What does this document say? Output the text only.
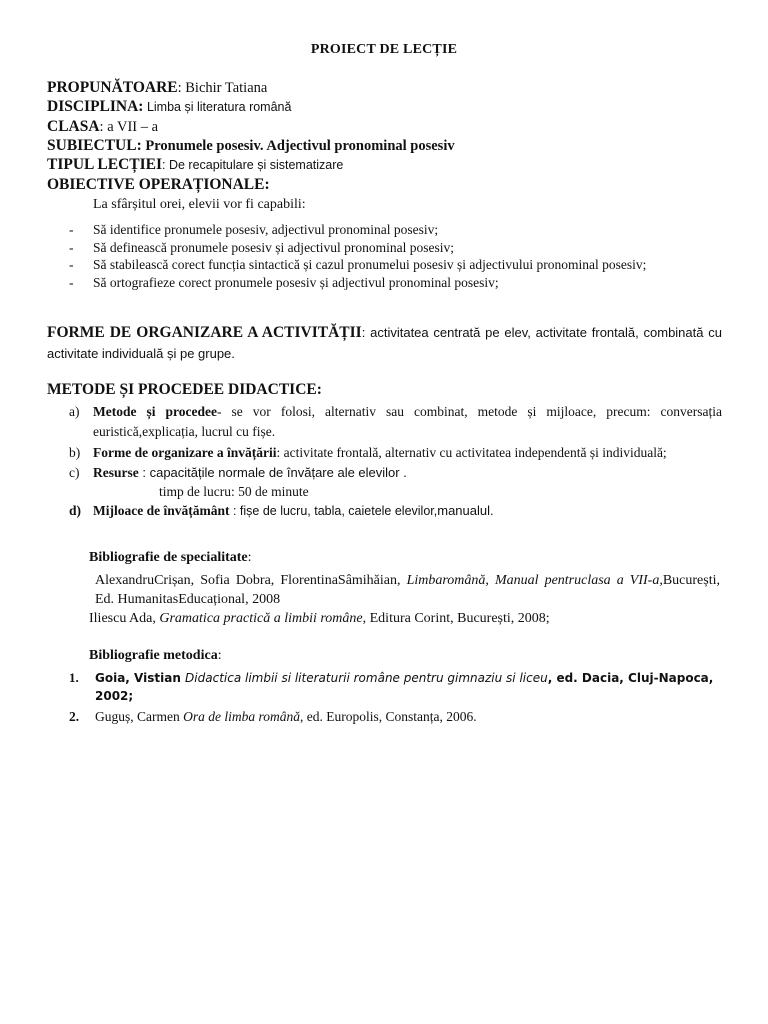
PROIECT DE LECȚIE
PROPUNĂTOARE: Bichir Tatiana
DISCIPLINA: Limba și literatura română
CLASA: a VII – a
SUBIECTUL: Pronumele posesiv. Adjectivul pronominal posesiv
TIPUL LECȚIEI: De recapitulare și sistematizare
OBIECTIVE OPERAȚIONALE:
La sfârșitul orei, elevii vor fi capabili:
- Să identifice pronumele posesiv, adjectivul pronominal posesiv;
- Să definească pronumele posesiv și adjectivul pronominal posesiv;
- Să stabilească corect funcția sintactică și cazul pronumelui posesiv și adjectivului pronominal posesiv;
- Să ortografieze corect pronumele posesiv și adjectivul pronominal posesiv;
FORME DE ORGANIZARE A ACTIVITĂȚII: activitatea centrată pe elev, activitate frontală, combinată cu activitate individuală și pe grupe.
METODE ȘI PROCEDEE DIDACTICE:
a) Metode și procedee- se vor folosi, alternativ sau combinat, metode și mijloace, precum: conversația euristică,explicația, lucrul cu fișe.
b) Forme de organizare a învățării: activitate frontală, alternativ cu activitatea independentă și individuală;
c) Resurse : capacitățile normale de învățare ale elevilor .
timp de lucru: 50 de minute
d) Mijloace de învățământ : fișe de lucru, tabla, caietele elevilor,manualul.
Bibliografie de specialitate:
AlexandruCrișan, Sofia Dobra, FlorentinaSâmihăian, Limbaromână, Manual pentruclasa a VII-a,București, Ed. HumanitasEducațional, 2008
Iliescu Ada, Gramatica practică a limbii române, Editura Corint, București, 2008;
Bibliografie metodica:
1. Goia, Vistian Didactica limbii si literaturii române pentru gimnaziu si liceu, ed. Dacia, Cluj-Napoca, 2002;
2. Guguș, Carmen Ora de limba română, ed. Europolis, Constanța, 2006.
